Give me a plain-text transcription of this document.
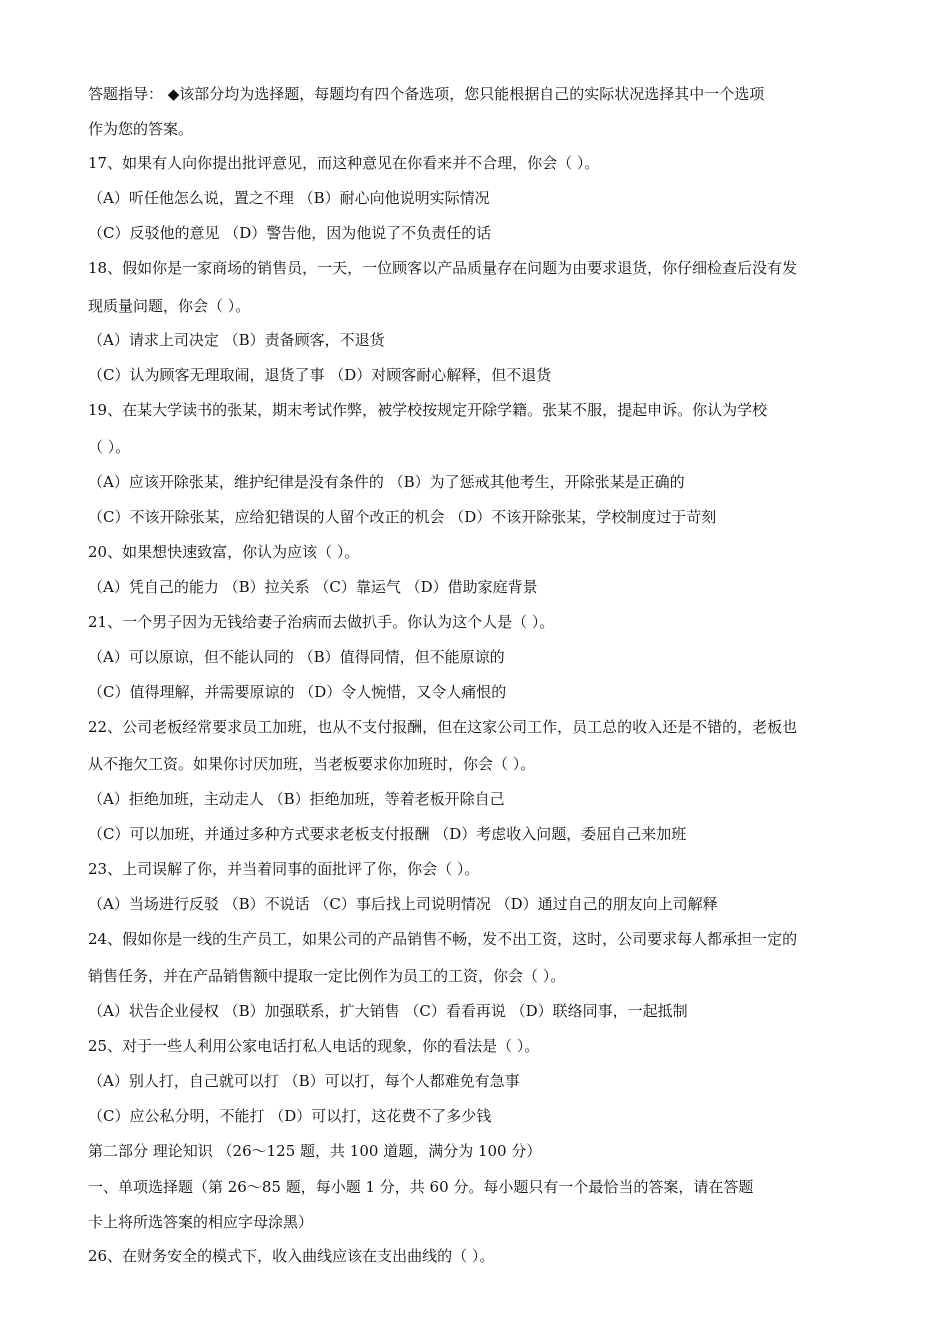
答题指导： ◆该部分均为选择题，每题均有四个备选项，您只能根据自己的实际状况选择其中一个选项
作为您的答案。
17、如果有人向你提出批评意见，而这种意见在你看来并不合理，你会（ ）。
（A）听任他怎么说，置之不理 （B）耐心向他说明实际情况
（C）反驳他的意见 （D）警告他，因为他说了不负责任的话
18、假如你是一家商场的销售员，一天，一位顾客以产品质量存在问题为由要求退货，你仔细检查后没有发
现质量问题，你会（ ）。
（A）请求上司决定 （B）责备顾客，不退货
（C）认为顾客无理取闹，退货了事 （D）对顾客耐心解释，但不退货
19、在某大学读书的张某，期末考试作弊，被学校按规定开除学籍。张某不服，提起申诉。你认为学校
（ ）。
（A）应该开除张某，维护纪律是没有条件的 （B）为了惩戒其他考生，开除张某是正确的
（C）不该开除张某，应给犯错误的人留个改正的机会 （D）不该开除张某，学校制度过于苛刻
20、如果想快速致富，你认为应该（ ）。
（A）凭自己的能力 （B）拉关系 （C）靠运气 （D）借助家庭背景
21、一个男子因为无钱给妻子治病而去做扒手。你认为这个人是（ ）。
（A）可以原谅，但不能认同的 （B）值得同情，但不能原谅的
（C）值得理解，并需要原谅的 （D）令人惋惜，又令人痛恨的
22、公司老板经常要求员工加班，也从不支付报酬，但在这家公司工作，员工总的收入还是不错的，老板也
从不拖欠工资。如果你讨厌加班，当老板要求你加班时，你会（ ）。
（A）拒绝加班，主动走人 （B）拒绝加班，等着老板开除自己
（C）可以加班，并通过多种方式要求老板支付报酬 （D）考虑收入问题，委屈自己来加班
23、上司误解了你，并当着同事的面批评了你，你会（ ）。
（A）当场进行反驳 （B）不说话 （C）事后找上司说明情况 （D）通过自己的朋友向上司解释
24、假如你是一线的生产员工，如果公司的产品销售不畅，发不出工资，这时，公司要求每人都承担一定的
销售任务，并在产品销售额中提取一定比例作为员工的工资，你会（ ）。
（A）状告企业侵权 （B）加强联系，扩大销售 （C）看看再说 （D）联络同事，一起抵制
25、对于一些人利用公家电话打私人电话的现象，你的看法是（ ）。
（A）别人打，自己就可以打 （B）可以打，每个人都难免有急事
（C）应公私分明，不能打 （D）可以打，这花费不了多少钱
第二部分 理论知识 （26～125 题，共 100 道题，满分为 100 分）
一、单项选择题（第 26～85 题，每小题 1 分，共 60 分。每小题只有一个最恰当的答案，请在答题
卡上将所选答案的相应字母涂黑）
26、在财务安全的模式下，收入曲线应该在支出曲线的（ ）。
